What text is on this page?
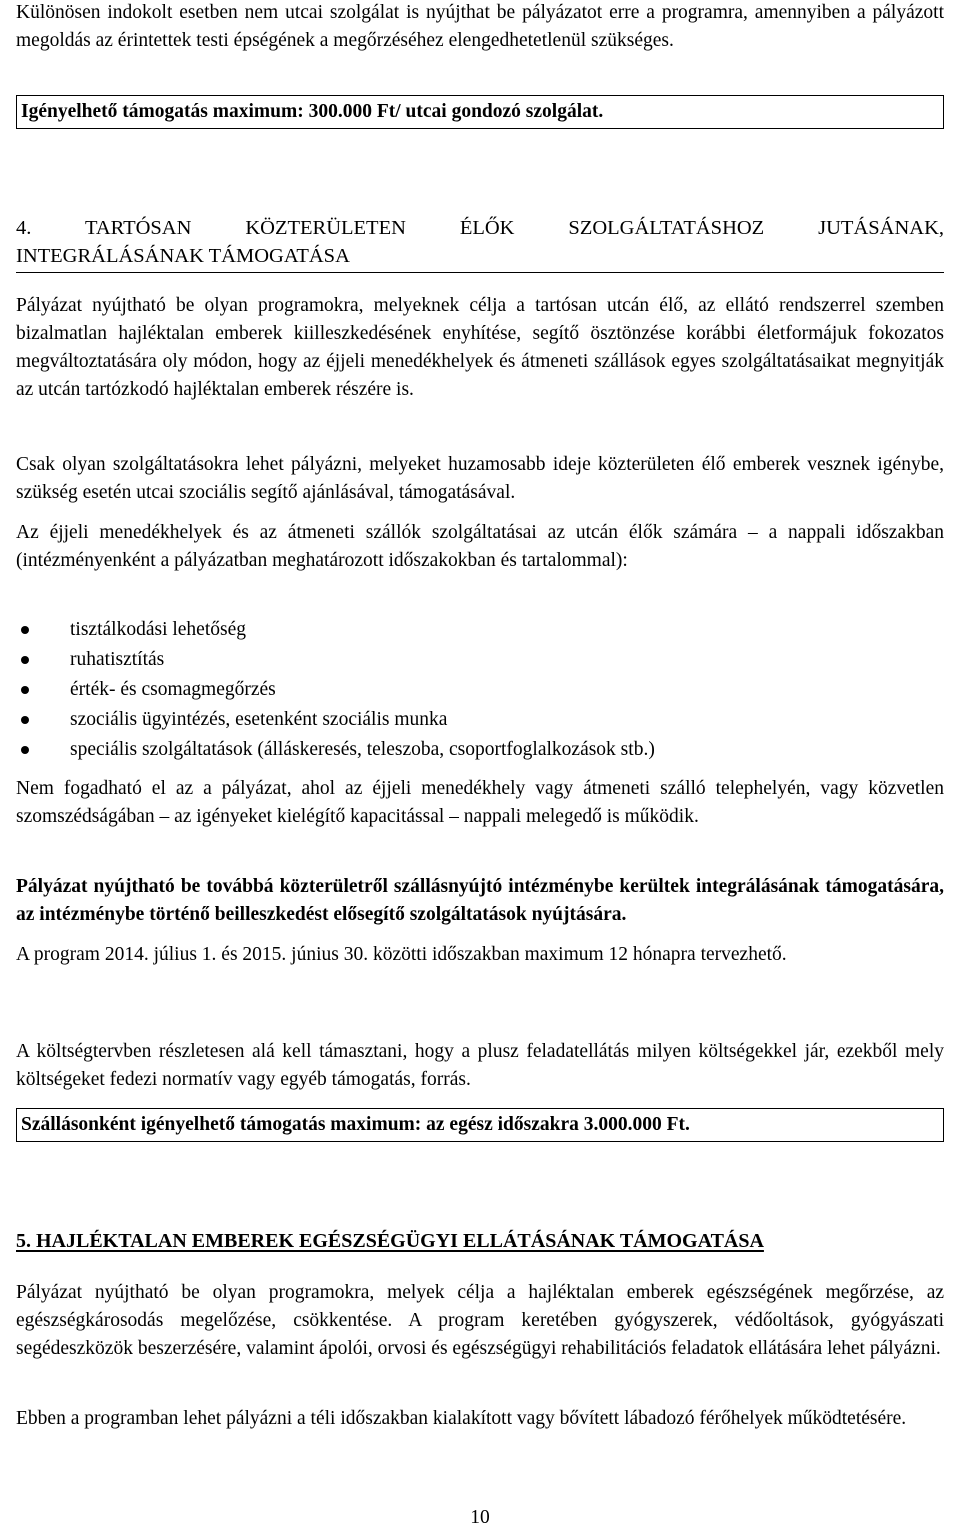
Különösen indokolt esetben nem utcai szolgálat is nyújthat be pályázatot erre a programra, amennyiben a pályázott megoldás az érintettek testi épségének a megőrzéséhez elengedhetetlenül szükséges.

Igényelhető támogatás maximum: 300.000 Ft/ utcai gondozó szolgálat.
4. TARTÓSAN KÖZTERÜLETEN ÉLŐK SZOLGÁLTATÁSHOZ JUTÁSÁNAK,
INTEGRÁLÁSÁNAK TÁMOGATÁSA

Pályázat nyújtható be olyan programokra, melyeknek célja a tartósan utcán élő, az ellátó rendszerrel szemben bizalmatlan hajléktalan emberek kiilleszkedésének enyhítése, segítő ösztönzése korábbi életformájuk fokozatos megváltoztatására oly módon, hogy az éjjeli menedékhelyek és átmeneti szállások egyes szolgáltatásaikat megnyitják az utcán tartózkodó hajléktalan emberek részére is.

Csak olyan szolgáltatásokra lehet pályázni, melyeket huzamosabb ideje közterületen élő emberek vesznek igénybe, szükség esetén utcai szociális segítő ajánlásával, támogatásával.

Az éjjeli menedékhelyek és az átmeneti szállók szolgáltatásai az utcán élők számára – a nappali időszakban (intézményenként a pályázatban meghatározott időszakokban és tartalommal):

tisztálkodási lehetőség
ruhatisztítás
érték- és csomagmegőrzés
szociális ügyintézés, esetenként szociális munka
speciális szolgáltatások (álláskeresés, teleszoba, csoportfoglalkozások stb.)

Nem fogadható el az a pályázat, ahol az éjjeli menedékhely vagy átmeneti szálló telephelyén, vagy közvetlen szomszédságában – az igényeket kielégítő kapacitással – nappali melegedő is működik.

Pályázat nyújtható be továbbá közterületről szállásnyújtó intézménybe kerültek integrálásának támogatására, az intézménybe történő beilleszkedést elősegítő szolgáltatások nyújtására.

A program 2014. július 1. és 2015. június 30. közötti időszakban maximum 12 hónapra tervezhető.

A költségtervben részletesen alá kell támasztani, hogy a plusz feladatellátás milyen költségekkel jár, ezekből mely költségeket fedezi normatív vagy egyéb támogatás, forrás.

Szállásonként igényelhető támogatás maximum: az egész időszakra 3.000.000 Ft.
5. HAJLÉKTALAN EMBEREK EGÉSZSÉGÜGYI ELLÁTÁSÁNAK TÁMOGATÁSA

Pályázat nyújtható be olyan programokra, melyek célja a hajléktalan emberek egészségének megőrzése, az egészségkárosodás megelőzése, csökkentése. A program keretében gyógyszerek, védőoltások, gyógyászati segédeszközök beszerzésére, valamint ápolói, orvosi és egészségügyi rehabilitációs feladatok ellátására lehet pályázni.

Ebben a programban lehet pályázni a téli időszakban kialakított vagy bővített lábadozó férőhelyek működtetésére.

10
